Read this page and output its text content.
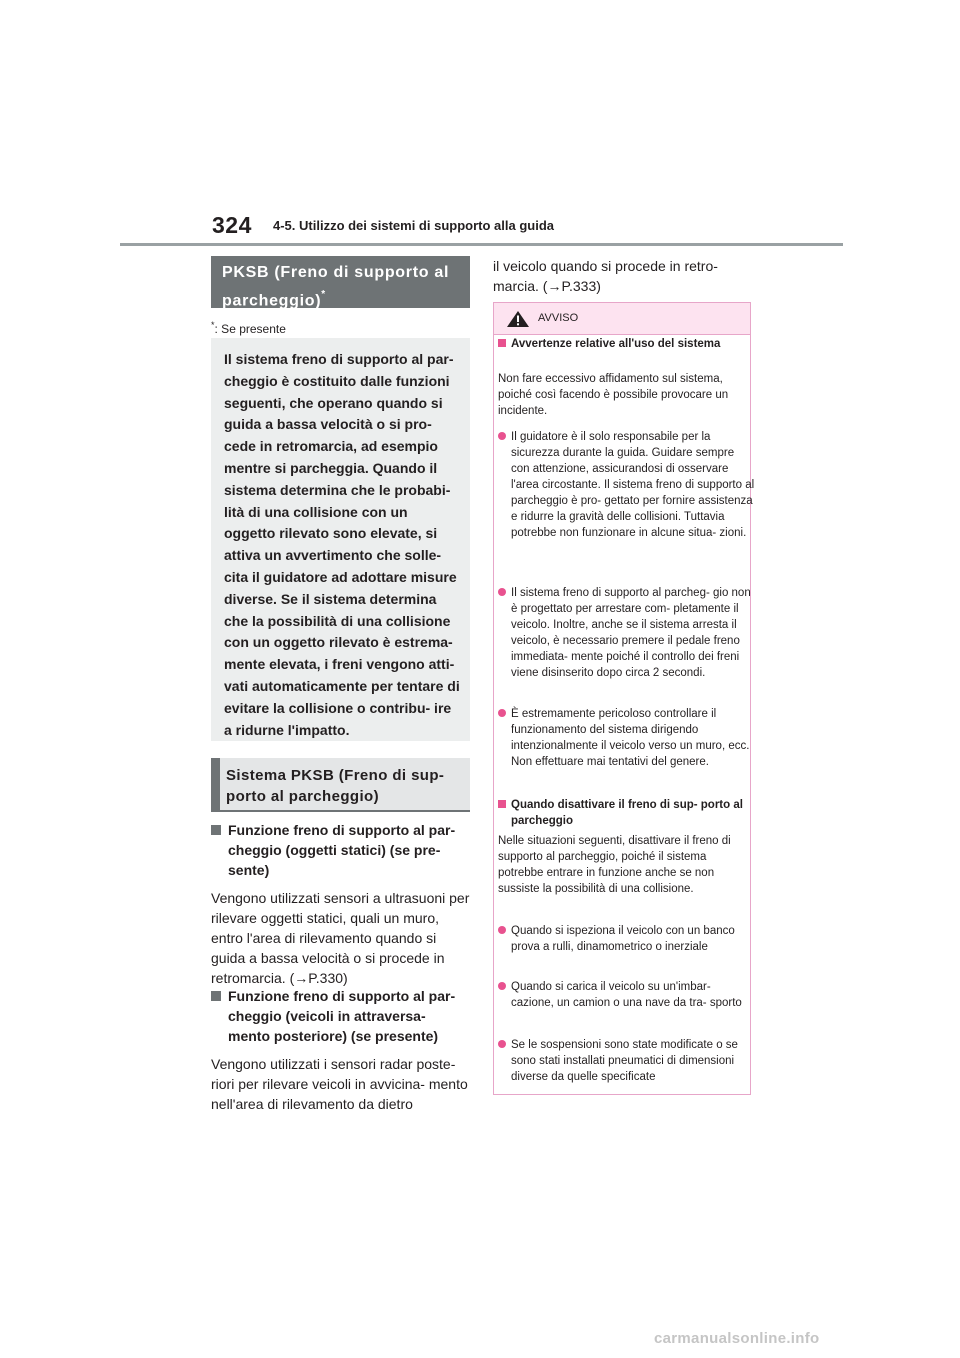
324 4-5. Utilizzo dei sistemi di supporto alla guida
PKSB (Freno di supporto al parcheggio)*
*: Se presente
Il sistema freno di supporto al par- cheggio è costituito dalle funzioni seguenti, che operano quando si guida a bassa velocità o si pro- cede in retromarcia, ad esempio mentre si parcheggia. Quando il sistema determina che le probabi- lità di una collisione con un oggetto rilevato sono elevate, si attiva un avvertimento che solle- cita il guidatore ad adottare misure diverse. Se il sistema determina che la possibilità di una collisione con un oggetto rilevato è estrema- mente elevata, i freni vengono atti- vati automaticamente per tentare di evitare la collisione o contribu- ire a ridurne l'impatto.
Sistema PKSB (Freno di sup- porto al parcheggio)
Funzione freno di supporto al par- cheggio (oggetti statici) (se pre- sente)
Vengono utilizzati sensori a ultrasuoni per rilevare oggetti statici, quali un muro, entro l'area di rilevamento quando si guida a bassa velocità o si procede in retromarcia. (→P.330)
Funzione freno di supporto al par- cheggio (veicoli in attraversa- mento posteriore) (se presente)
Vengono utilizzati i sensori radar poste- riori per rilevare veicoli in avvicina- mento nell'area di rilevamento da dietro
il veicolo quando si procede in retro- marcia. (→P.333)
AVVISO
Avvertenze relative all'uso del sistema
Non fare eccessivo affidamento sul sistema, poiché così facendo è possibile provocare un incidente.
Il guidatore è il solo responsabile per la sicurezza durante la guida. Guidare sempre con attenzione, assicurandosi di osservare l'area circostante. Il sistema freno di supporto al parcheggio è pro- gettato per fornire assistenza e ridurre la gravità delle collisioni. Tuttavia potrebbe non funzionare in alcune situa- zioni.
Il sistema freno di supporto al parcheg- gio non è progettato per arrestare com- pletamente il veicolo. Inoltre, anche se il sistema arresta il veicolo, è necessario premere il pedale freno immediata- mente poiché il controllo dei freni viene disinserito dopo circa 2 secondi.
È estremamente pericoloso controllare il funzionamento del sistema dirigendo intenzionalmente il veicolo verso un muro, ecc. Non effettuare mai tentativi del genere.
Quando disattivare il freno di sup- porto al parcheggio
Nelle situazioni seguenti, disattivare il freno di supporto al parcheggio, poiché il sistema potrebbe entrare in funzione anche se non sussiste la possibilità di una collisione.
Quando si ispeziona il veicolo con un banco prova a rulli, dinamometrico o inerziale
Quando si carica il veicolo su un'imbar- cazione, un camion o una nave da tra- sporto
Se le sospensioni sono state modificate o se sono stati installati pneumatici di dimensioni diverse da quelle specificate
carmanualsonline.info
